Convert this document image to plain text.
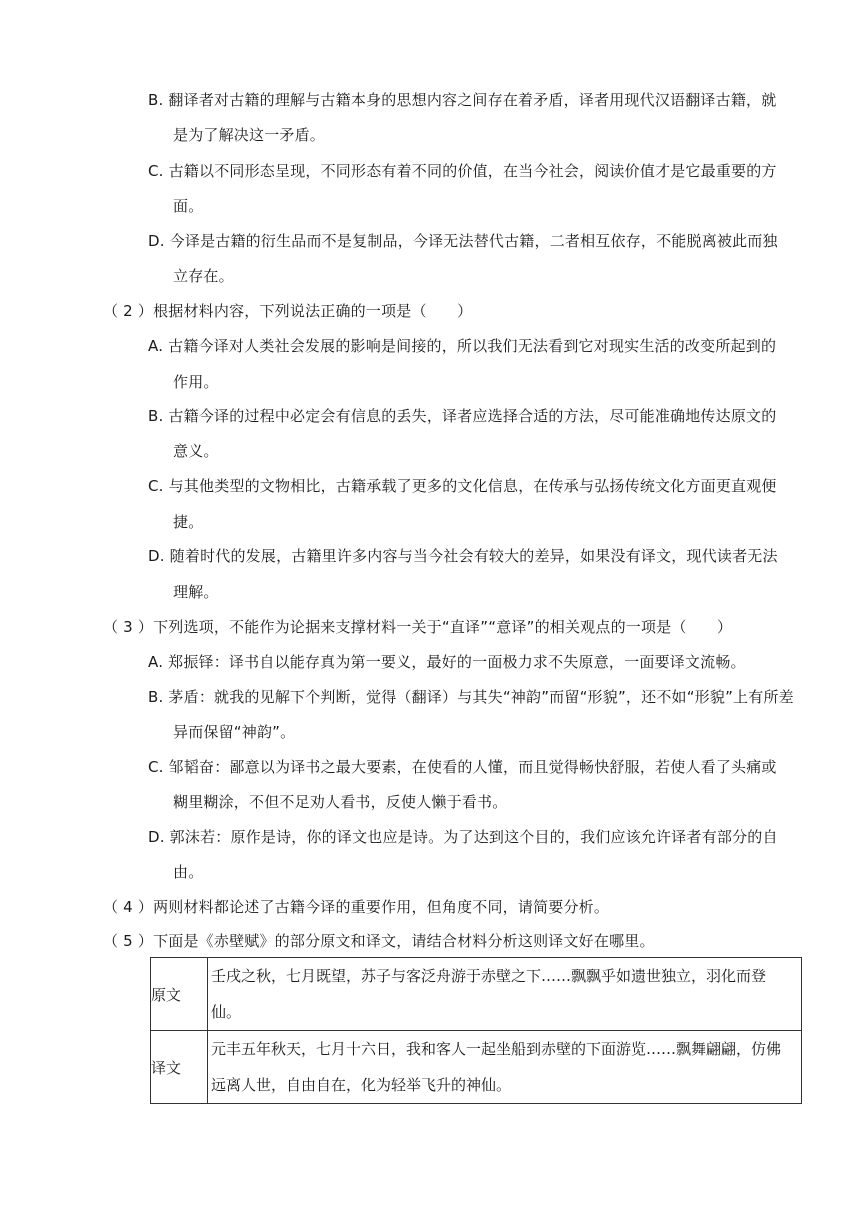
B. 翻译者对古籍的理解与古籍本身的思想内容之间存在着矛盾，译者用现代汉语翻译古籍，就
是为了解决这一矛盾。
C. 古籍以不同形态呈现，不同形态有着不同的价值，在当今社会，阅读价值才是它最重要的方
面。
D. 今译是古籍的衍生品而不是复制品，今译无法替代古籍，二者相互依存，不能脱离被此而独
立存在。
（ 2 ）根据材料内容，下列说法正确的一项是（　　）
A. 古籍今译对人类社会发展的影响是间接的，所以我们无法看到它对现实生活的改变所起到的
作用。
B. 古籍今译的过程中必定会有信息的丢失，译者应选择合适的方法，尽可能准确地传达原文的
意义。
C. 与其他类型的文物相比，古籍承载了更多的文化信息，在传承与弘扬传统文化方面更直观便
捷。
D. 随着时代的发展，古籍里许多内容与当今社会有较大的差异，如果没有译文，现代读者无法
理解。
（ 3 ）下列选项，不能作为论据来支撑材料一关于“直译”“意译”的相关观点的一项是（　　）
A. 郑振铎：译书自以能存真为第一要义，最好的一面极力求不失原意，一面要译文流畅。
B. 茅盾：就我的见解下个判断，觉得（翻译）与其失“神韵”而留“形貌”，还不如“形貌”上有所差
异而保留“神韵”。
C. 邹韬奋：鄙意以为译书之最大要素，在使看的人懂，而且觉得畅快舒服，若使人看了头痛或
糊里糊涂，不但不足劝人看书，反使人懒于看书。
D. 郭沫若：原作是诗，你的译文也应是诗。为了达到这个目的，我们应该允许译者有部分的自
由。
（ 4 ）两则材料都论述了古籍今译的重要作用，但角度不同，请简要分析。
（ 5 ）下面是《赤壁赋》的部分原文和译文，请结合材料分析这则译文好在哪里。
原文	壬戌之秋，七月既望，苏子与客泛舟游于赤壁之下……飘飘乎如遗世独立，羽化而登
仙。

译文	元丰五年秋天，七月十六日，我和客人一起坐船到赤壁的下面游览……飘舞翩翩，仿佛
远离人世，自由自在，化为轻举飞升的神仙。
